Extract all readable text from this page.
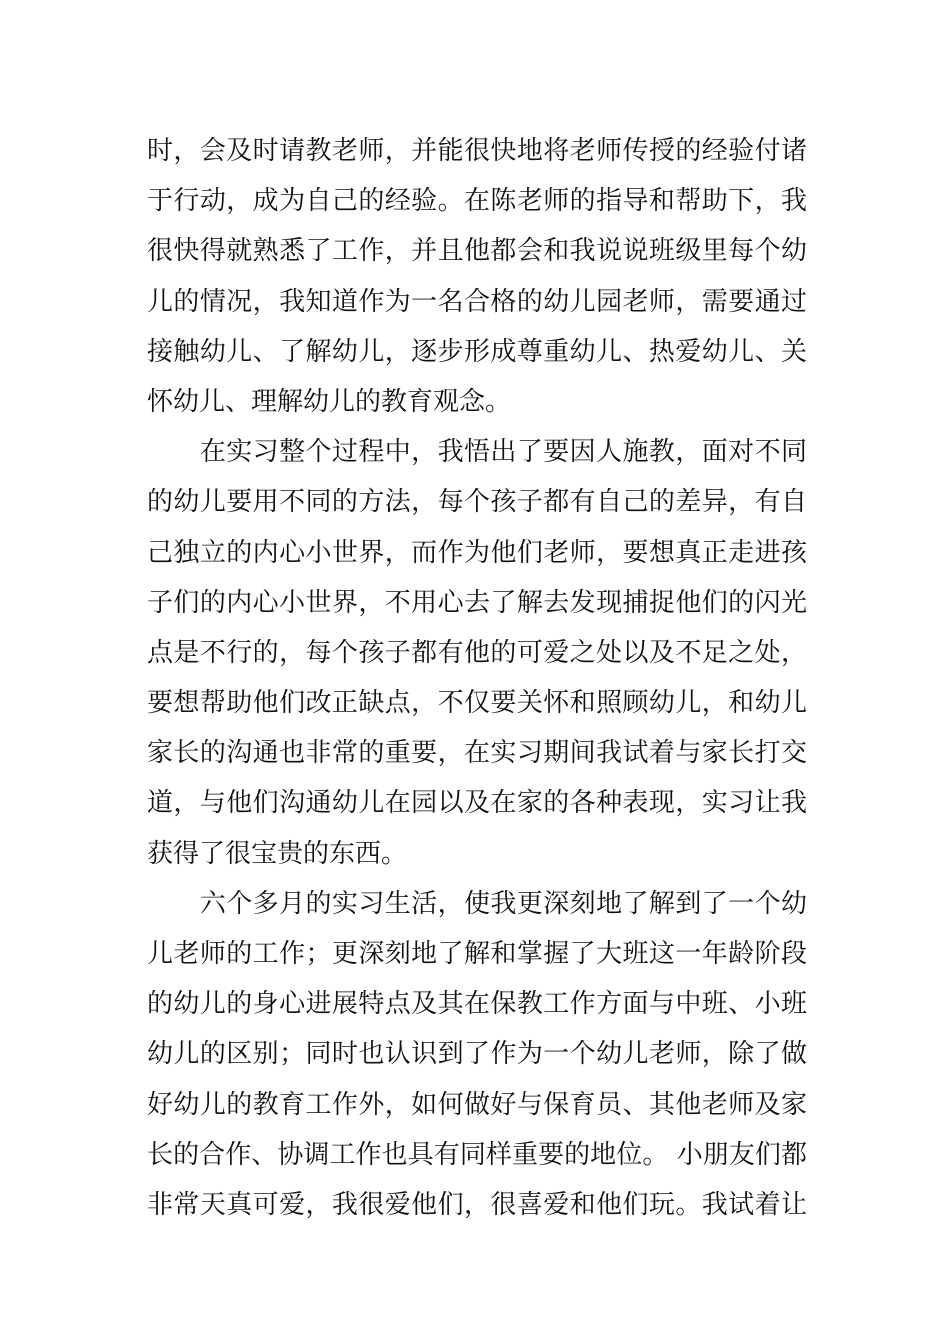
时，会及时请教老师，并能很快地将老师传授的经验付诸
于行动，成为自己的经验。在陈老师的指导和帮助下，我
很快得就熟悉了工作，并且他都会和我说说班级里每个幼
儿的情况，我知道作为一名合格的幼儿园老师，需要通过
接触幼儿、了解幼儿，逐步形成尊重幼儿、热爱幼儿、关
怀幼儿、理解幼儿的教育观念。
　　在实习整个过程中，我悟出了要因人施教，面对不同
的幼儿要用不同的方法，每个孩子都有自己的差异，有自
己独立的内心小世界，而作为他们老师，要想真正走进孩
子们的内心小世界，不用心去了解去发现捕捉他们的闪光
点是不行的，每个孩子都有他的可爱之处以及不足之处，
要想帮助他们改正缺点，不仅要关怀和照顾幼儿，和幼儿
家长的沟通也非常的重要，在实习期间我试着与家长打交
道，与他们沟通幼儿在园以及在家的各种表现，实习让我
获得了很宝贵的东西。
　　六个多月的实习生活，使我更深刻地了解到了一个幼
儿老师的工作；更深刻地了解和掌握了大班这一年龄阶段
的幼儿的身心进展特点及其在保教工作方面与中班、小班
幼儿的区别；同时也认识到了作为一个幼儿老师，除了做
好幼儿的教育工作外，如何做好与保育员、其他老师及家
长的合作、协调工作也具有同样重要的地位。 小朋友们都
非常天真可爱，我很爱他们，很喜爱和他们玩。我试着让
